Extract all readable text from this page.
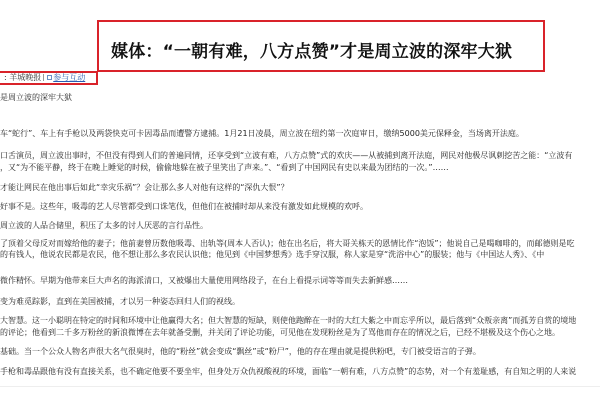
媒体：“一朝有难，八方点赞”才是周立波的深牢大狱
: 羊城晚报 参与互动
是周立波的深牢大狱
车“蛇行”、车上有手枪以及两袋快克可卡因毒品而遭警方逮捕。1月21日凌晨，周立波在纽约第一次庭审日，缴纳5000美元保释金，当场离开法庭。
口舌演员，周立波出事时，不但没有得到人们的普遍同情，还享受到“立波有难，八方点赞”式的欢庆——从被捕到离开法庭，网民对他极尽讽刺挖苦之能：“立波有
，又“为不能平静，终于在晚上睡觉的时候，偷偷地躲在被子里笑出了声来。”、“看到了中国网民有史以来最为团结的一次。”……
才能让网民在他出事后如此“幸灾乐祸”？会让那么多人对他有这样的“深仇大恨”？
好事不是。这些年，吸毒的艺人尽管都受到口诛笔伐，但他们在被捕时却从来没有激发如此规模的欢呼。
周立波的人品合储里，积压了太多的讨人厌恶的言行品性。
了顶着父母反对而嫁给他的妻子；他前妻曾历数他吸毒、出轨等(周本人否认)；他在出名后，将大哥关栋天的恩情比作“泡饭”；他说自己是喝咖啡的，而邮德则是吃
的有钱人，他说农民都是农民，他不想让那么多农民认识他；他见到《中国梦想秀》选手穿汉服，称人家是穿“洗浴中心”的服装；他与《中国达人秀》、《中
微作精怀。早期为他带来巨大声名的海派清口，又被爆出大量使用网络段子，在台上看提示词等等而失去新鲜感……
变为难觅踪影，直到在美国被捕，才以另一种姿态回归人们的视线。
大智慧。这一小聪明在特定的时间和环境中让他赢得大名；但大智慧的短缺，则使他跑醉在一时的大红大紫之中而忘乎所以，最后落到“众叛亲离”而孤芳自赏的境地
的评论；他看到二千多万粉丝的新浪微博在去年就备受删，并关闭了评论功能，可见他在发现粉丝是为了骂他而存在的情况之后，已经不堪极及这个伤心之地。
基础。当一个公众人物名声很大名气很臭时，他的“粉丝”就会变成“飘丝”或“粉尸”，他的存在理由就是提供粉吧，专门被受语言的子弹。
手枪和毒品跟他有没有直接关系，也不确定他要不要坐牢，但身处万众仇视酸视的环境，面临“一朝有难，八方点赞”的态势，对一个有羞耻感，有自知之明的人来说
